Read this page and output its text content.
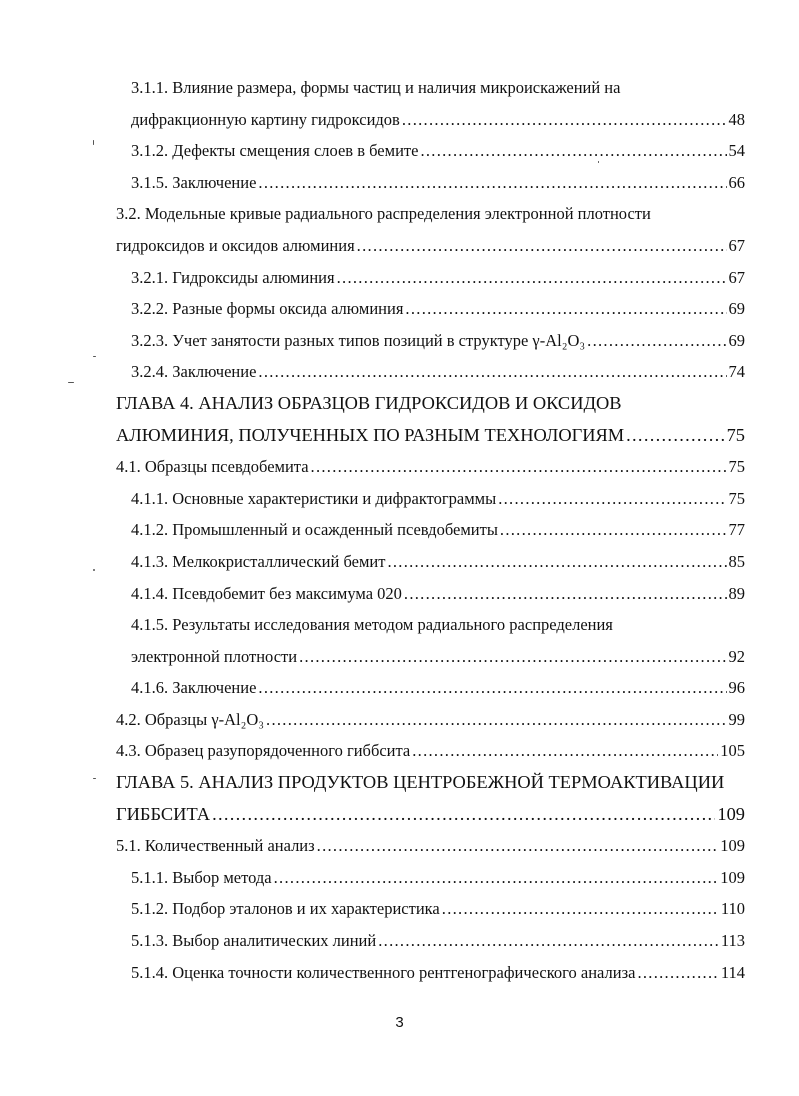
3.1.1. Влияние размера, формы частиц и наличия микроискажений на
дифракционную картину гидроксидов .....	48
3.1.2. Дефекты смещения слоев в бемите .....	54
3.1.5. Заключение .....	66
3.2. Модельные кривые радиального распределения электронной плотности
гидроксидов и оксидов алюминия .....	67
3.2.1. Гидроксиды алюминия .....	67
3.2.2. Разные формы оксида алюминия .....	69
3.2.3. Учет занятости разных типов позиций в структуре γ-Al₂O₃ .....	69
3.2.4. Заключение .....	74
ГЛАВА 4. АНАЛИЗ ОБРАЗЦОВ ГИДРОКСИДОВ И ОКСИДОВ
АЛЮМИНИЯ, ПОЛУЧЕННЫХ ПО РАЗНЫМ ТЕХНОЛОГИЯМ .....	75
4.1. Образцы псевдобемита .....	75
4.1.1. Основные характеристики и дифрактограммы .....	75
4.1.2. Промышленный и осажденный псевдобемиты .....	77
4.1.3. Мелкокристаллический бемит .....	85
4.1.4. Псевдобемит без максимума 020 .....	89
4.1.5. Результаты исследования методом радиального распределения
электронной плотности .....	92
4.1.6. Заключение .....	96
4.2. Образцы γ-Al₂O₃ .....	99
4.3. Образец разупорядоченного гиббсита .....	105
ГЛАВА 5. АНАЛИЗ ПРОДУКТОВ ЦЕНТРОБЕЖНОЙ ТЕРМОАКТИВАЦИИ
ГИББСИТА .....	109
5.1. Количественный анализ .....	109
5.1.1. Выбор метода .....	109
5.1.2. Подбор эталонов и их характеристика .....	110
5.1.3. Выбор аналитических линий .....	113
5.1.4. Оценка точности количественного рентгенографического анализа .....	114
3
